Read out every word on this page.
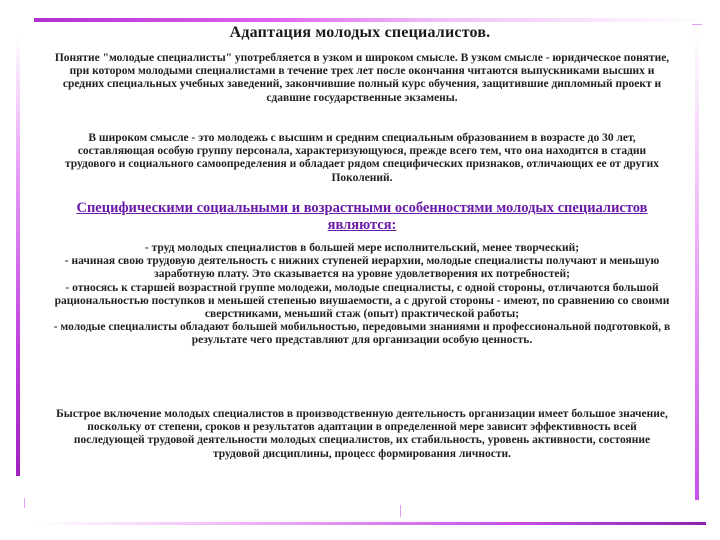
Адаптация молодых специалистов.
Понятие "молодые специалисты" употребляется в узком и широком смысле. В узком смысле - юридическое понятие, при котором молодыми специалистами в течение трех лет после окончания читаются выпускниками высших и средних специальных учебных заведений, закончившие полный курс обучения, защитившие дипломный проект и сдавшие государственные экзамены.
В широком смысле - это молодежь с высшим и средним специальным образованием в возрасте до 30 лет, составляющая особую группу персонала, характеризующуюся, прежде всего тем, что она находится в стадии трудового и социального самоопределения и обладает рядом специфических признаков, отличающих ее от других Поколений.
Специфическими социальными и возрастными особенностями молодых специалистов являются:
- труд молодых специалистов в большей мере исполнительский, менее творческий;
- начиная свою трудовую деятельность с нижних ступеней иерархии, молодые специалисты получают и меньшую заработную плату. Это сказывается на уровне удовлетворения их потребностей;
- относясь к старшей возрастной группе молодежи, молодые специалисты, с одной стороны, отличаются большой рациональностью поступков и меньшей степенью внушаемости, а с другой стороны - имеют, по сравнению со своими сверстниками, меньший стаж (опыт) практической работы;
- молодые специалисты обладают большей мобильностью, передовыми знаниями и профессиональной подготовкой, в результате чего представляют для организации особую ценность.
Быстрое включение молодых специалистов в производственную деятельность организации имеет большое значение, поскольку от степени, сроков и результатов адаптации в определенной мере зависит эффективность всей последующей трудовой деятельности молодых специалистов, их стабильность, уровень активности, состояние трудовой дисциплины, процесс формирования личности.
